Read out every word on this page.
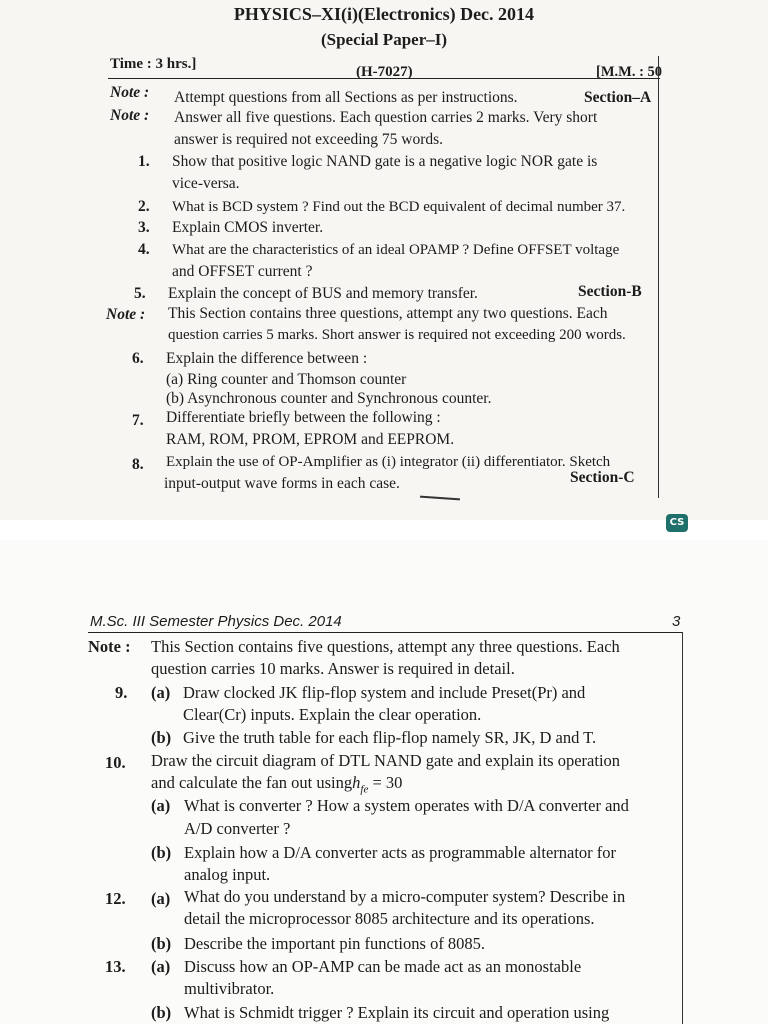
PHYSICS–XI(i)(Electronics) Dec. 2014
(Special Paper–I)
Time : 3 hrs.]	(H-7027)	[M.M. : 50
Note : Attempt questions from all Sections as per instructions.	Section–A
Note : Answer all five questions. Each question carries 2 marks. Very short
answer is required not exceeding 75 words.
1. Show that positive logic NAND gate is a negative logic NOR gate is
vice-versa.
2. What is BCD system ? Find out the BCD equivalent of decimal number 37.
3. Explain CMOS inverter.
4. What are the characteristics of an ideal OPAMP ? Define OFFSET voltage
and OFFSET current ?
5. Explain the concept of BUS and memory transfer.	Section-B
Note : This Section contains three questions, attempt any two questions. Each
question carries 5 marks. Short answer is required not exceeding 200 words.
6. Explain the difference between :
(a) Ring counter and Thomson counter
(b) Asynchronous counter and Synchronous counter.
7. Differentiate briefly between the following :
RAM, ROM, PROM, EPROM and EEPROM.
8. Explain the use of OP-Amplifier as (i) integrator (ii) differentiator. Sketch
input-output wave forms in each case.	Section-C
CS
M.Sc. III Semester Physics Dec. 2014	3
Note : This Section contains five questions, attempt any three questions. Each
question carries 10 marks. Answer is required in detail.
9. (a) Draw clocked JK flip-flop system and include Preset(Pr) and
Clear(Cr) inputs. Explain the clear operation.
(b) Give the truth table for each flip-flop namely SR, JK, D and T.
10. Draw the circuit diagram of DTL NAND gate and explain its operation
and calculate the fan out usingh$_{fe}$ = 30
(a) What is converter ? How a system operates with D/A converter and
A/D converter ?
(b) Explain how a D/A converter acts as programmable alternator for
analog input.
12. (a) What do you understand by a micro-computer system? Describe in
detail the microprocessor 8085 architecture and its operations.
(b) Describe the important pin functions of 8085.
13. (a) Discuss how an OP-AMP can be made act as an monostable
multivibrator.
(b) What is Schmidt trigger ? Explain its circuit and operation using
